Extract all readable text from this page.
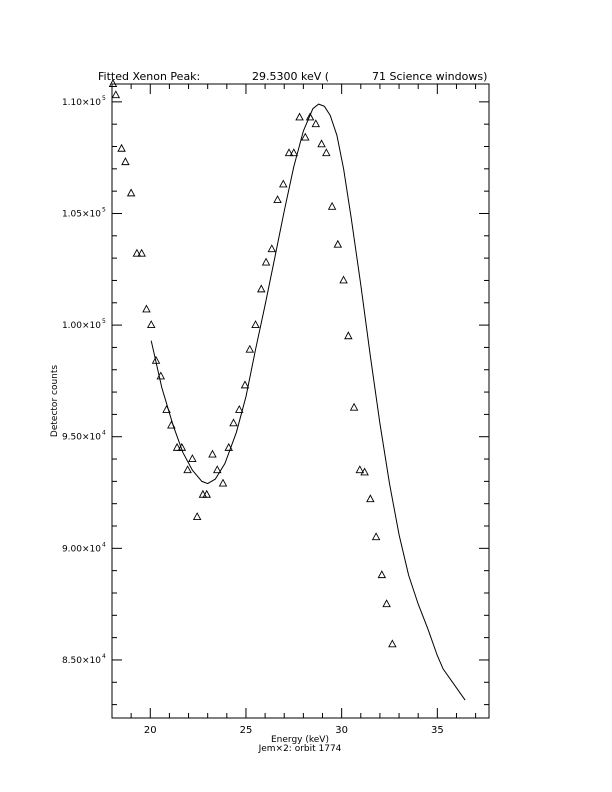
Fitted Xenon Peak:	29.5300 keV (	71 Science windows)
20	25	30	35
8.50×10 4
9.00×10 4
9.50×10 4
1.00×10 5
1.05×10 5
1.10×10 5
Energy (keV)
Jem×2: orbit 1774
Detector counts
